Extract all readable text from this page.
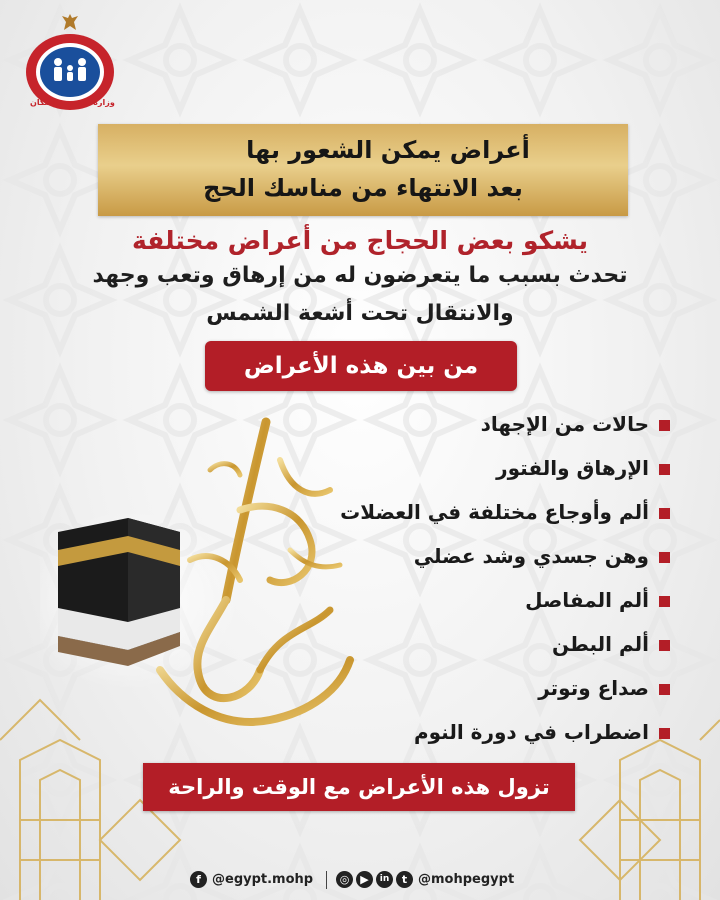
وزارة الصحة والسكان
أعراض يمكن الشعور بها
بعد الانتهاء من مناسك الحج
يشكو بعض الحجاج من أعراض مختلفة
تحدث بسبب ما يتعرضون له من إرهاق وتعب وجهد
والانتقال تحت أشعة الشمس
من بين هذه الأعراض
حالات من الإجهاد
الإرهاق والفتور
ألم وأوجاع مختلفة في العضلات
وهن جسدي وشد عضلي
ألم المفاصل
ألم البطن
صداع وتوتر
اضطراب في دورة النوم
تزول هذه الأعراض مع الوقت والراحة
f @egypt.mohp	◎ ▶	in	t @mohpegypt
